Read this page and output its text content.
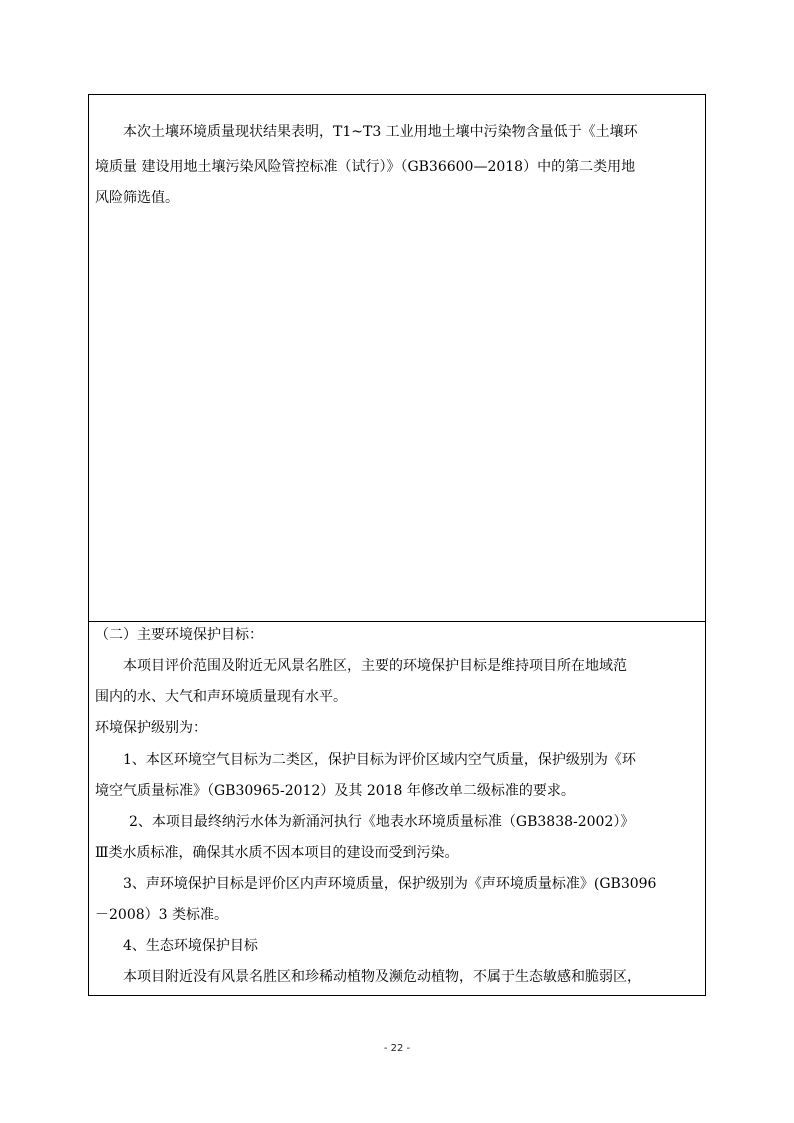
本次土壤环境质量现状结果表明，T1~T3 工业用地土壤中污染物含量低于《土壤环

境质量 建设用地土壤污染风险管控标准（试行）》（GB36600—2018）中的第二类用地

风险筛选值。

（二）主要环境保护目标：

本项目评价范围及附近无风景名胜区，主要的环境保护目标是维持项目所在地域范

围内的水、大气和声环境质量现有水平。

环境保护级别为：

1、本区环境空气目标为二类区，保护目标为评价区域内空气质量，保护级别为《环

境空气质量标准》（GB30965-2012）及其 2018 年修改单二级标准的要求。

2、本项目最终纳污水体为新涌河执行《地表水环境质量标准（GB3838-2002）》

Ⅲ类水质标准，确保其水质不因本项目的建设而受到污染。

3、声环境保护目标是评价区内声环境质量，保护级别为《声环境质量标准》(GB3096

－2008）3 类标准。

4、生态环境保护目标

本项目附近没有风景名胜区和珍稀动植物及濒危动植物，不属于生态敏感和脆弱区，

- 22 -
